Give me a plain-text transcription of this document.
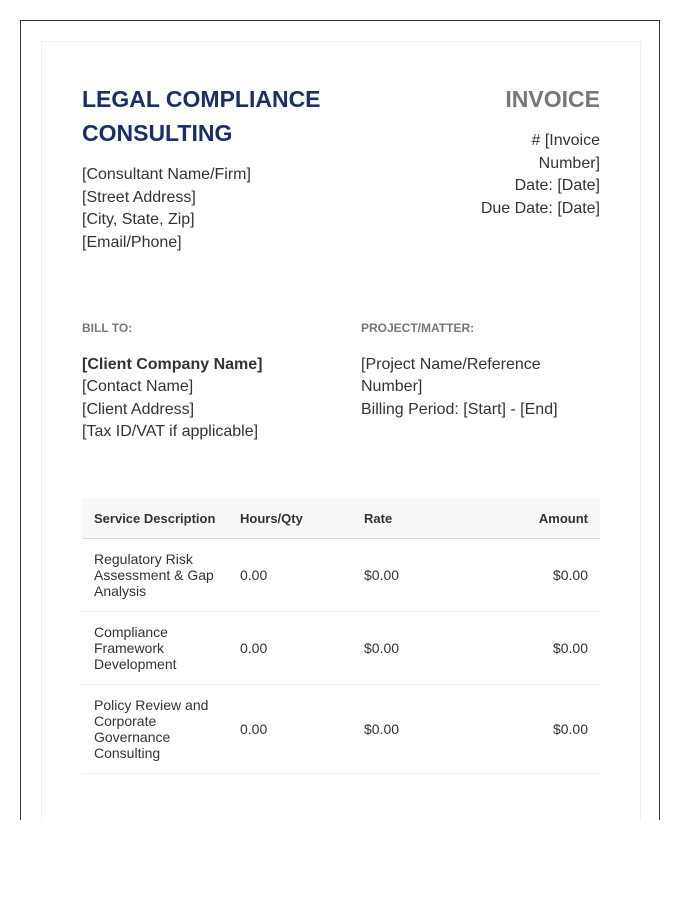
LEGAL COMPLIANCE CONSULTING
[Consultant Name/Firm]
[Street Address]
[City, State, Zip]
[Email/Phone]
INVOICE
# [Invoice Number]
Date: [Date]
Due Date: [Date]

BILL TO:

[Client Company Name]
[Contact Name]
[Client Address]
[Tax ID/VAT if applicable]

PROJECT/MATTER:

[Project Name/Reference Number]
Billing Period: [Start] - [End]
Service Description	Hours/Qty	Rate	Amount
Regulatory Risk Assessment & Gap Analysis	0.00	$0.00	$0.00
Compliance Framework Development	0.00	$0.00	$0.00
Policy Review and Corporate Governance Consulting	0.00	$0.00	$0.00
